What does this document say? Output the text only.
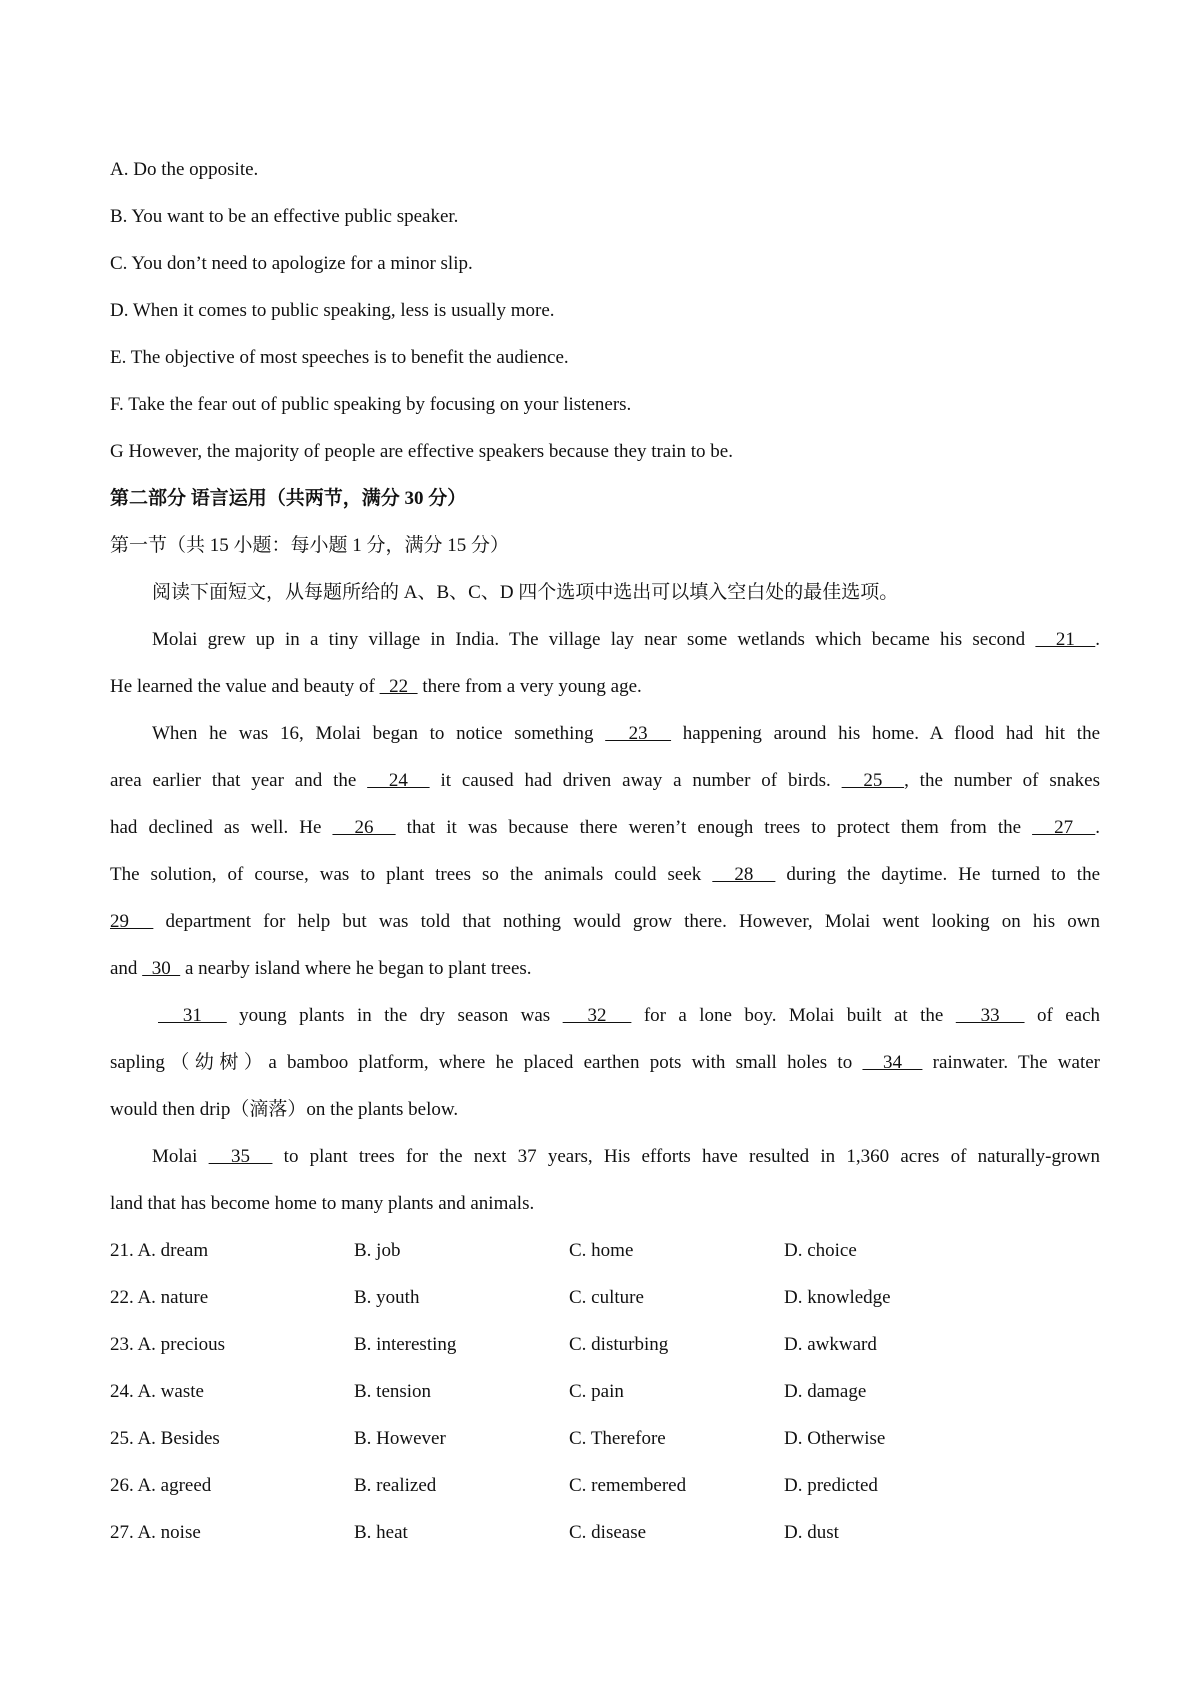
A. Do the opposite.
B. You want to be an effective public speaker.
C. You don’t need to apologize for a minor slip.
D. When it comes to public speaking, less is usually more.
E. The objective of most speeches is to benefit the audience.
F. Take the fear out of public speaking by focusing on your listeners.
G However, the majority of people are effective speakers because they train to be.
第二部分 语言运用（共两节，满分 30 分）
第一节（共 15 小题：每小题 1 分，满分 15 分）
阅读下面短文，从每题所给的 A、B、C、D 四个选项中选出可以填入空白处的最佳选项。
Molai grew up in a tiny village in India. The village lay near some wetlands which became his second   21  .
He learned the value and beauty of   22   there from a very young age.
When he was 16, Molai began to notice something   23   happening around his home. A flood had hit the
area earlier that year and the   24   it caused had driven away a number of birds.   25  , the number of snakes
had declined as well. He   26   that it was because there weren’t enough trees to protect them from the   27  .
The solution, of course, was to plant trees so the animals could seek   28   during the daytime. He turned to the
29   department for help but was told that nothing would grow there. However, Molai went looking on his own
and   30   a nearby island where he began to plant trees.
31   young plants in the dry season was   32   for a lone boy. Molai built at the   33   of each
sapling（幼树）a bamboo platform, where he placed earthen pots with small holes to   34   rainwater. The water
would then drip（滴落）on the plants below.
Molai   35   to plant trees for the next 37 years, His efforts have resulted in 1,360 acres of naturally-grown
land that has become home to many plants and animals.
21. A. dream	B. job	C. home	D. choice
22. A. nature	B. youth	C. culture	D. knowledge
23. A. precious	B. interesting	C. disturbing	D. awkward
24. A. waste	B. tension	C. pain	D. damage
25. A. Besides	B. However	C. Therefore	D. Otherwise
26. A. agreed	B. realized	C. remembered	D. predicted
27. A. noise	B. heat	C. disease	D. dust
